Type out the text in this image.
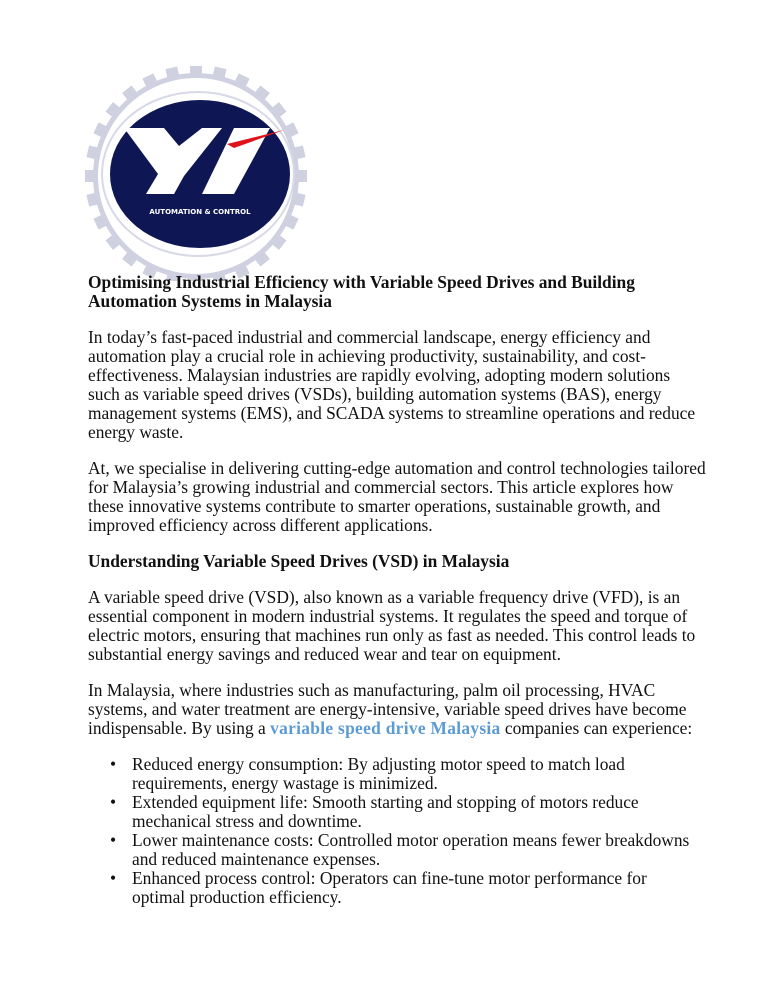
AUTOMATION & CONTROL
Optimising Industrial Efficiency with Variable Speed Drives and Building
Automation Systems in Malaysia
In today’s fast-paced industrial and commercial landscape, energy efficiency and
automation play a crucial role in achieving productivity, sustainability, and cost-
effectiveness. Malaysian industries are rapidly evolving, adopting modern solutions
such as variable speed drives (VSDs), building automation systems (BAS), energy
management systems (EMS), and SCADA systems to streamline operations and reduce
energy waste.
At, we specialise in delivering cutting-edge automation and control technologies tailored
for Malaysia’s growing industrial and commercial sectors. This article explores how
these innovative systems contribute to smarter operations, sustainable growth, and
improved efficiency across different applications.
Understanding Variable Speed Drives (VSD) in Malaysia
A variable speed drive (VSD), also known as a variable frequency drive (VFD), is an
essential component in modern industrial systems. It regulates the speed and torque of
electric motors, ensuring that machines run only as fast as needed. This control leads to
substantial energy savings and reduced wear and tear on equipment.
In Malaysia, where industries such as manufacturing, palm oil processing, HVAC
systems, and water treatment are energy-intensive, variable speed drives have become
indispensable. By using a variable speed drive Malaysia companies can experience:
• Reduced energy consumption: By adjusting motor speed to match load
requirements, energy wastage is minimized.
• Extended equipment life: Smooth starting and stopping of motors reduce
mechanical stress and downtime.
• Lower maintenance costs: Controlled motor operation means fewer breakdowns
and reduced maintenance expenses.
• Enhanced process control: Operators can fine-tune motor performance for
optimal production efficiency.
